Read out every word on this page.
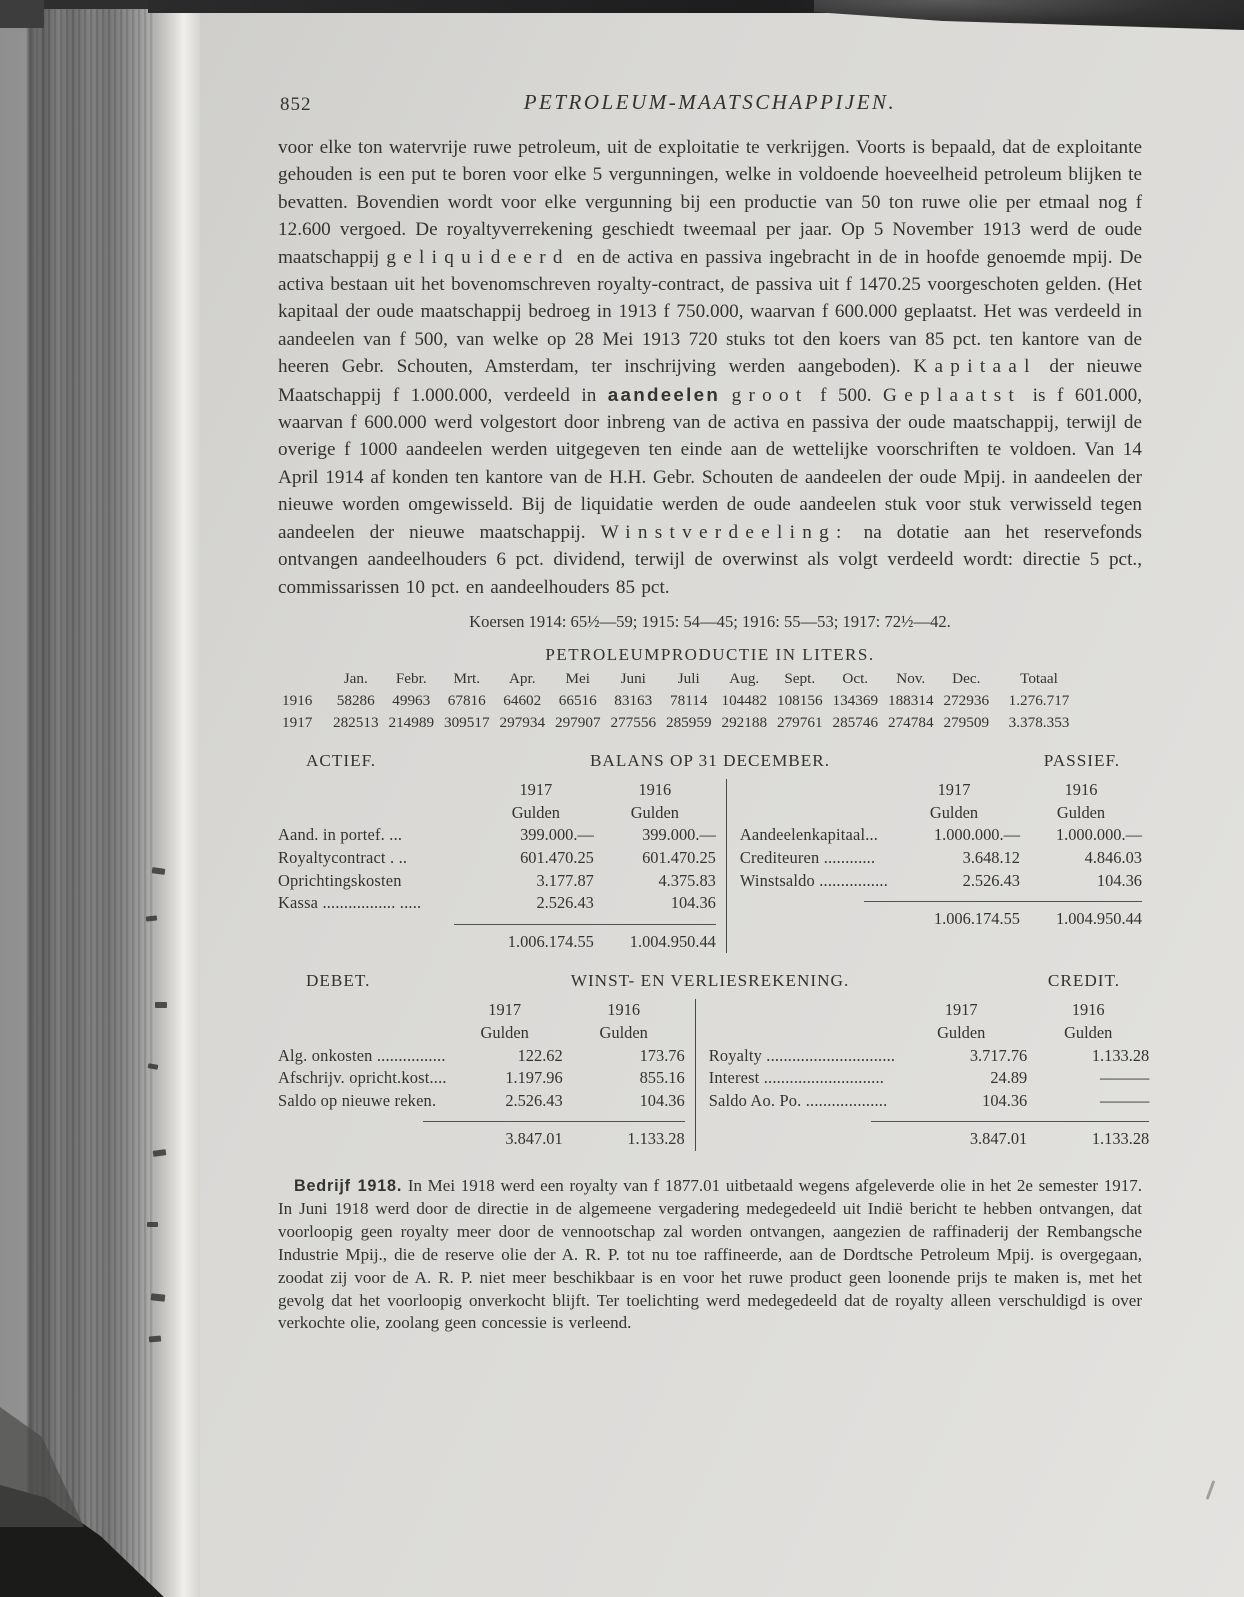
852	PETROLEUM-MAATSCHAPPIJEN.

voor elke ton watervrije ruwe petroleum, uit de exploitatie te verkrijgen. Voorts is bepaald, dat de exploitante gehouden is een put te boren voor elke 5 vergunningen, welke in voldoende hoeveelheid petroleum blijken te bevatten. Bovendien wordt voor elke vergunning bij een productie van 50 ton ruwe olie per etmaal nog f 12.600 vergoed. De royaltyverrekening geschiedt tweemaal per jaar. Op 5 November 1913 werd de oude maatschappij geliquideerd en de activa en passiva ingebracht in de in hoofde genoemde mpij. De activa bestaan uit het bovenomschreven royalty-contract, de passiva uit f 1470.25 voorgeschoten gelden. (Het kapitaal der oude maatschappij bedroeg in 1913 f 750.000, waarvan f 600.000 geplaatst. Het was verdeeld in aandeelen van f 500, van welke op 28 Mei 1913 720 stuks tot den koers van 85 pct. ten kantore van de heeren Gebr. Schouten, Amsterdam, ter inschrijving werden aangeboden). Kapitaal der nieuwe Maatschappij f 1.000.000, verdeeld in aandeelen groot f 500. Geplaatst is f 601.000, waarvan f 600.000 werd volgestort door inbreng van de activa en passiva der oude maatschappij, terwijl de overige f 1000 aandeelen werden uitgegeven ten einde aan de wettelijke voorschriften te voldoen. Van 14 April 1914 af konden ten kantore van de H.H. Gebr. Schouten de aandeelen der oude Mpij. in aandeelen der nieuwe worden omgewisseld. Bij de liquidatie werden de oude aandeelen stuk voor stuk verwisseld tegen aandeelen der nieuwe maatschappij. Winstverdeeling: na dotatie aan het reservefonds ontvangen aandeelhouders 6 pct. dividend, terwijl de overwinst als volgt verdeeld wordt: directie 5 pct., commissarissen 10 pct. en aandeelhouders 85 pct.

Koersen 1914: 65½—59; 1915: 54—45; 1916: 55—53; 1917: 72½—42.
PETROLEUMPRODUCTIE IN LITERS.
Jan.	Febr.	Mrt.	Apr.	Mei	Juni	Juli	Aug.	Sept.	Oct.	Nov.	Dec.	Totaal
1916	58286	49963	67816	64602	66516	83163	78114 104482 108156 134369 188314 272936	1.276.717
1917	282513 214989 309517 297934 297907 277556 285959 292188 279761 285746 274784 279509	3.378.353
ACTIEF.	BALANS OP 31 DECEMBER.	PASSIEF.
1917	1916
Gulden	Gulden
Aand. in portef. ...	399.000.—	399.000.—
Royaltycontract . ..	601.470.25	601.470.25
Oprichtingskosten	3.177.87	4.375.83
Kassa ................. .....	2.526.43	104.36
1.006.174.55	1.004.950.44
1917	1916
Gulden	Gulden
Aandeelenkapitaal...	1.000.000.—	1.000.000.—
Crediteuren ............	3.648.12	4.846.03
Winstsaldo ................	2.526.43	104.36
1.006.174.55	1.004.950.44
DEBET.	WINST- EN VERLIESREKENING.	CREDIT.
1917	1916
Gulden	Gulden
Alg. onkosten ................	122.62	173.76
Afschrijv. opricht.kost....	1.197.96	855.16
Saldo op nieuwe reken.	2.526.43	104.36
3.847.01	1.133.28
1917	1916
Gulden	Gulden
Royalty ..............................	3.717.76	1.133.28
Interest ............................	24.89	———
Saldo Ao. Po. ...................	104.36	———
3.847.01	1.133.28

Bedrijf 1918. In Mei 1918 werd een royalty van f 1877.01 uitbetaald wegens afgeleverde olie in het 2e semester 1917. In Juni 1918 werd door de directie in de algemeene vergadering medegedeeld uit Indië bericht te hebben ontvangen, dat voorloopig geen royalty meer door de vennootschap zal worden ontvangen, aangezien de raffinaderij der Rembangsche Industrie Mpij., die de reserve olie der A. R. P. tot nu toe raffineerde, aan de Dordtsche Petroleum Mpij. is overgegaan, zoodat zij voor de A. R. P. niet meer beschikbaar is en voor het ruwe product geen loonende prijs te maken is, met het gevolg dat het voorloopig onverkocht blijft. Ter toelichting werd medegedeeld dat de royalty alleen verschuldigd is over verkochte olie, zoolang geen concessie is verleend.
